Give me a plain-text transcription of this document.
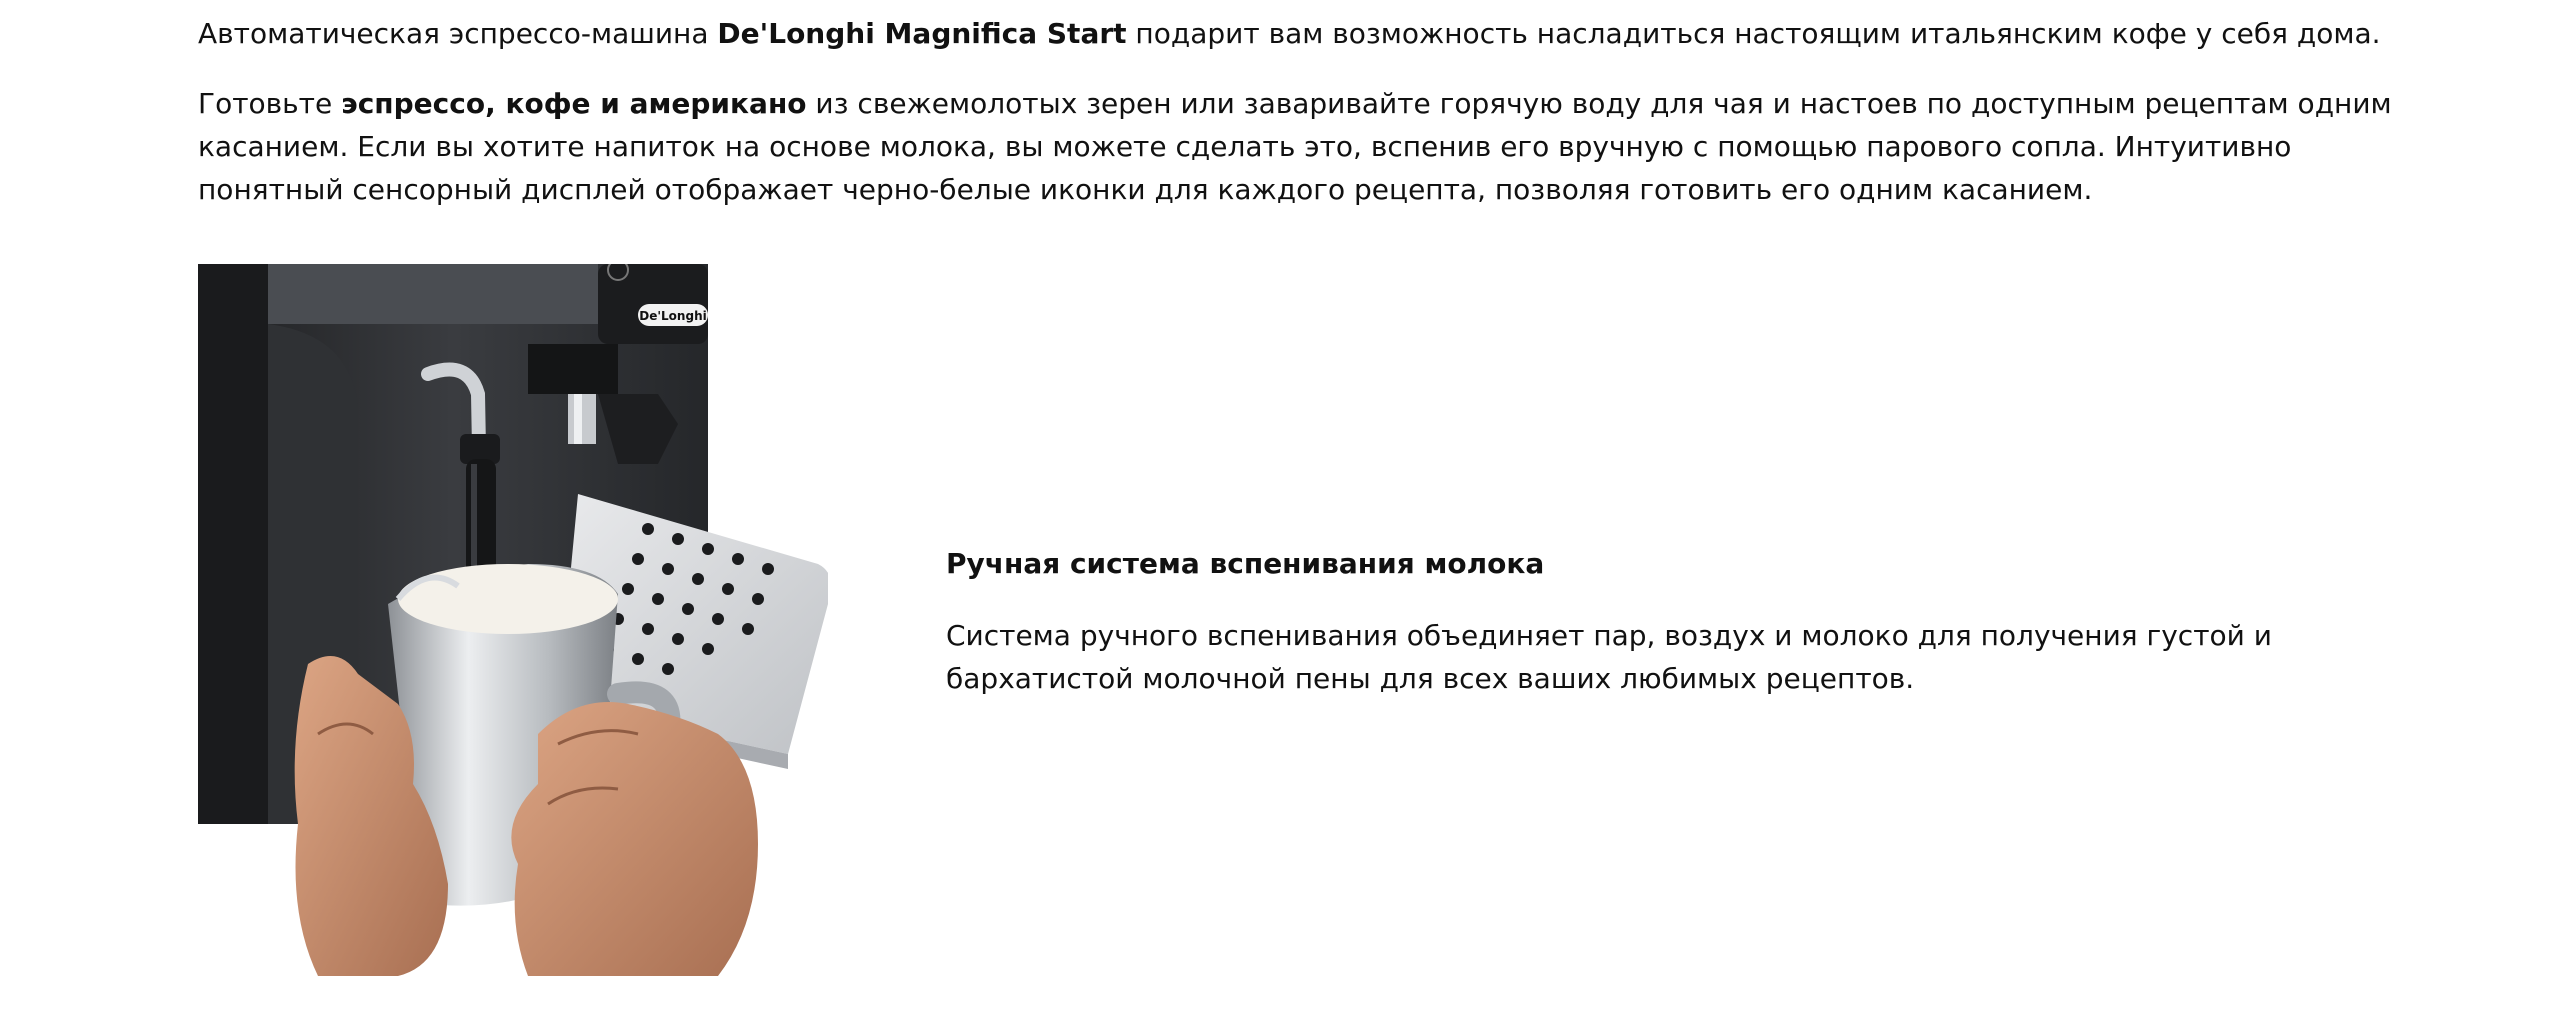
Автоматическая эспрессо-машина De'Longhi Magnifica Start подарит вам возможность насладиться настоящим итальянским кофе у себя дома.

Готовьте эспрессо, кофе и американо из свежемолотых зерен или заваривайте горячую воду для чая и настоев по доступным рецептам одним касанием. Если вы хотите напиток на основе молока, вы можете сделать это, вспенив его вручную с помощью парового сопла. Интуитивно понятный сенсорный дисплей отображает черно-белые иконки для каждого рецепта, позволяя готовить его одним касанием.

De'Longhi
Ручная система вспенивания молока

Система ручного вспенивания объединяет пар, воздух и молоко для получения густой и бархатистой молочной пены для всех ваших любимых рецептов.
